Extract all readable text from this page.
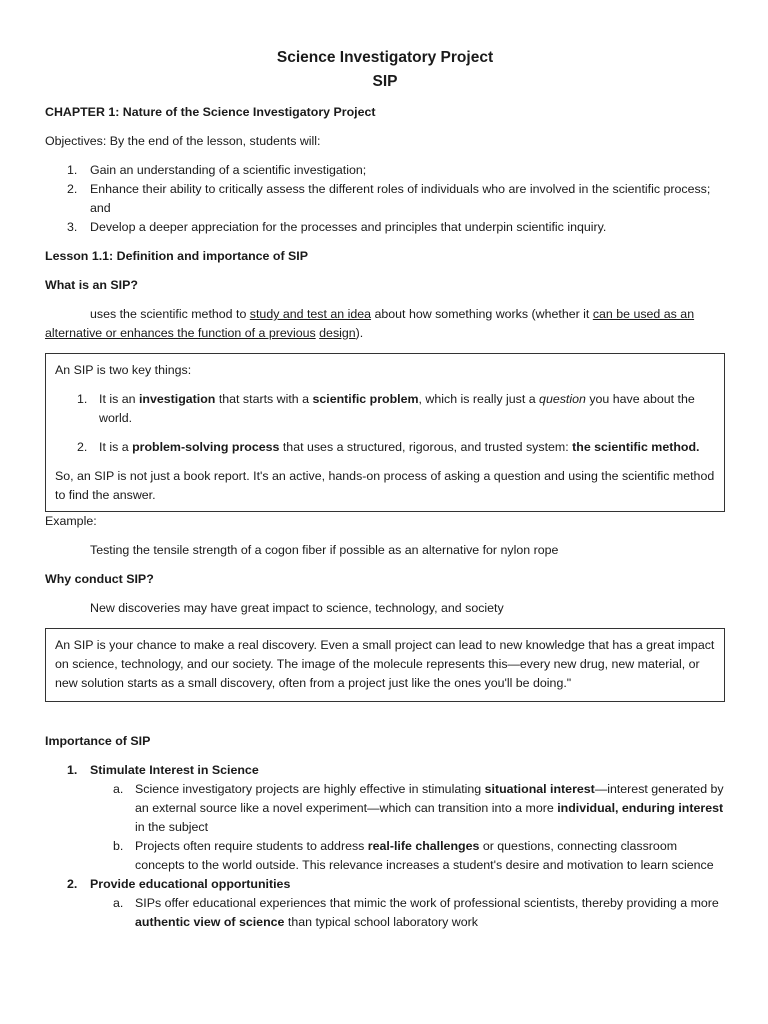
Science Investigatory Project
SIP
CHAPTER 1: Nature of the Science Investigatory Project

Objectives: By the end of the lesson, students will:

1. Gain an understanding of a scientific investigation;
2. Enhance their ability to critically assess the different roles of individuals who are involved in the scientific process; and
3. Develop a deeper appreciation for the processes and principles that underpin scientific inquiry.
Lesson 1.1: Definition and importance of SIP
What is an SIP?

uses the scientific method to study and test an idea about how something works (whether it can be used as an alternative or enhances the function of a previous design).

An SIP is two key things:

1. It is an investigation that starts with a scientific problem, which is really just a question you have about the world.
2. It is a problem-solving process that uses a structured, rigorous, and trusted system: the scientific method.

So, an SIP is not just a book report. It's an active, hands-on process of asking a question and using the scientific method to find the answer.

Example:

Testing the tensile strength of a cogon fiber if possible as an alternative for nylon rope

Why conduct SIP?

New discoveries may have great impact to science, technology, and society

An SIP is your chance to make a real discovery. Even a small project can lead to new knowledge that has a great impact on science, technology, and our society. The image of the molecule represents this—every new drug, new material, or new solution starts as a small discovery, often from a project just like the ones you'll be doing."

Importance of SIP
1. Stimulate Interest in Science
a. Science investigatory projects are highly effective in stimulating situational interest—interest generated by an external source like a novel experiment—which can transition into a more individual, enduring interest in the subject
b. Projects often require students to address real-life challenges or questions, connecting classroom concepts to the world outside. This relevance increases a student's desire and motivation to learn science
2. Provide educational opportunities
a. SIPs offer educational experiences that mimic the work of professional scientists, thereby providing a more authentic view of science than typical school laboratory work
